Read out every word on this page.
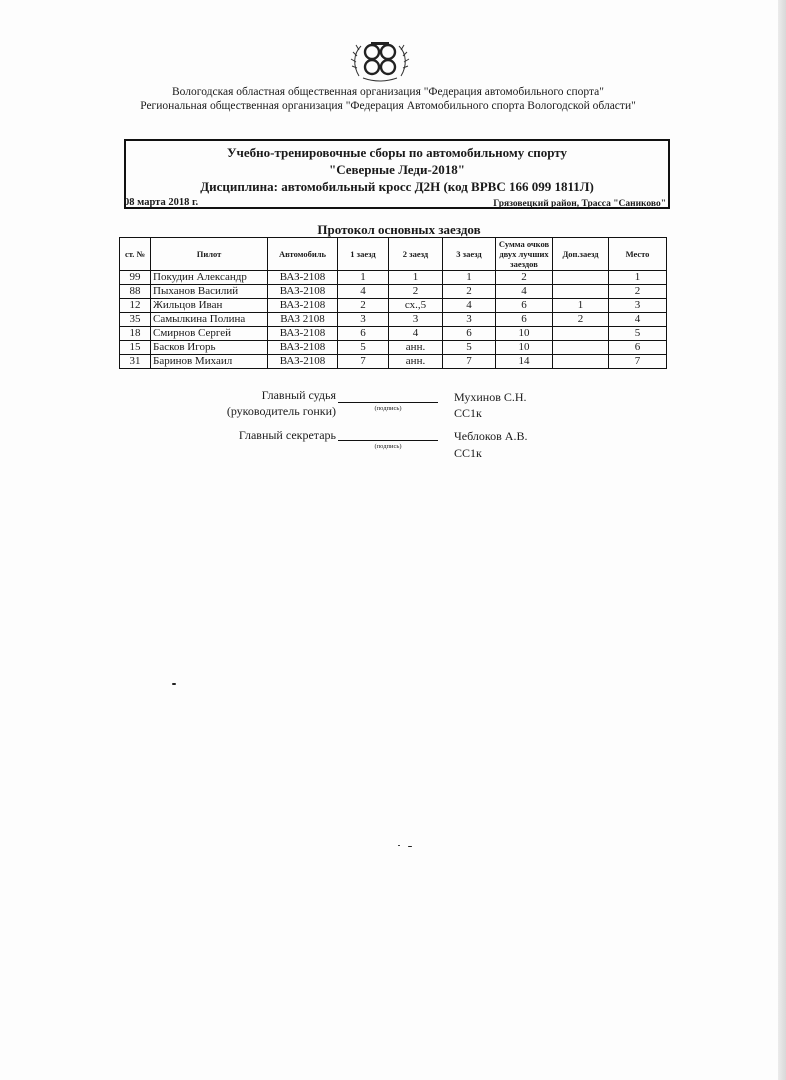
Вологодская областная общественная организация "Федерация автомобильного спорта"
Региональная общественная организация "Федерация Автомобильного спорта Вологодской области"
Учебно-тренировочные сборы по автомобильному спорту
"Северные Леди-2018"
Дисциплина: автомобильный кросс Д2Н (код ВРВС 166 099 1811Л)
08 марта 2018 г.	Грязовецкий район, Трасса "Саниково"
Протокол основных заездов
ст. №	Пилот	Автомобиль	1 заезд	2 заезд	3 заезд	Сумма очков двух лучших заездов	Доп.заезд	Место
99	Покудин Александр	ВАЗ-2108	1	1	1	2		1
88	Пыханов Василий	ВАЗ-2108	4	2	2	4		2
12	Жильцов Иван	ВАЗ-2108	2	сх.,5	4	6	1	3
35	Самылкина Полина	ВАЗ 2108	3	3	3	6	2	4
18	Смирнов Сергей	ВАЗ-2108	6	4	6	10		5
15	Басков Игорь	ВАЗ-2108	5	анн.	5	10		6
31	Баринов Михаил	ВАЗ-2108	7	анн.	7	14		7
Главный судья
(руководитель гонки)	(подпись)
Мухинов С.Н.
СС1к
Главный секретарь
(подпись)
Чеблоков А.В.
СС1к
